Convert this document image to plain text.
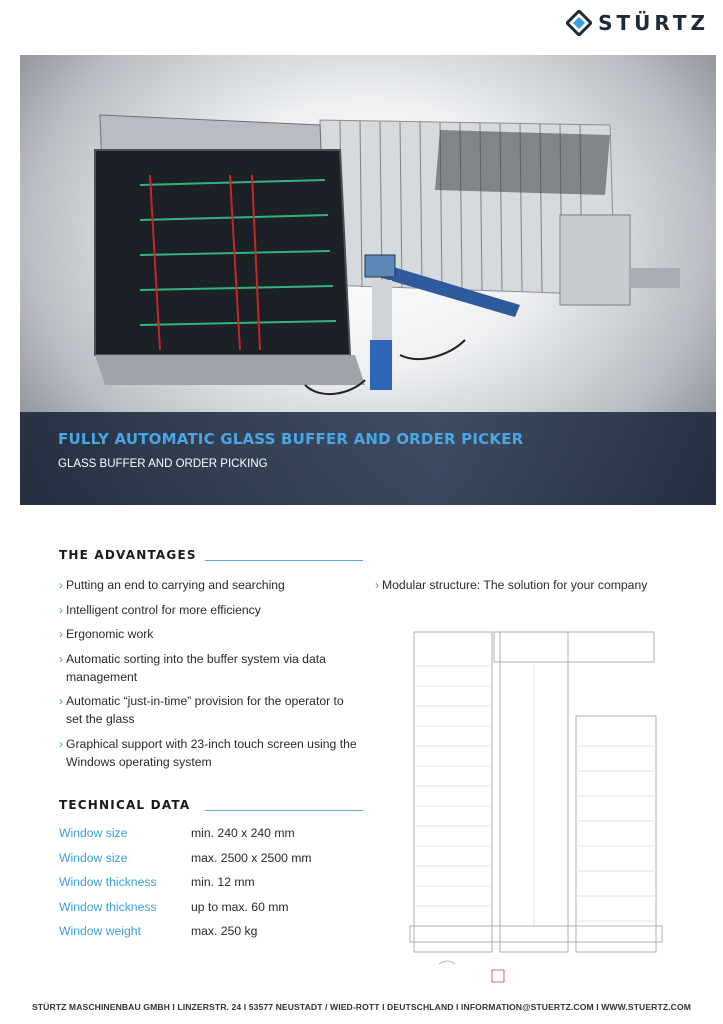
STÜRTZ
FULLY AUTOMATIC GLASS BUFFER AND ORDER PICKER
GLASS BUFFER AND ORDER PICKING
THE ADVANTAGES
› Putting an end to carrying and searching
› Intelligent control for more efficiency
› Ergonomic work
› Automatic sorting into the buffer system via data management
› Automatic “just-in-time” provision for the operator to set the glass
› Graphical support with 23-inch touch screen using the Windows operating system
› Modular structure: The solution for your company
TECHNICAL DATA
Window size	min. 240 x 240 mm
Window size	max. 2500 x 2500 mm
Window thickness	min. 12 mm
Window thickness	up to max. 60 mm
Window weight	max. 250 kg
STÜRTZ MASCHINENBAU GMBH I LINZERSTR. 24 I 53577 NEUSTADT / WIED-ROTT I DEUTSCHLAND I INFORMATION@STUERTZ.COM I WWW.STUERTZ.COM
